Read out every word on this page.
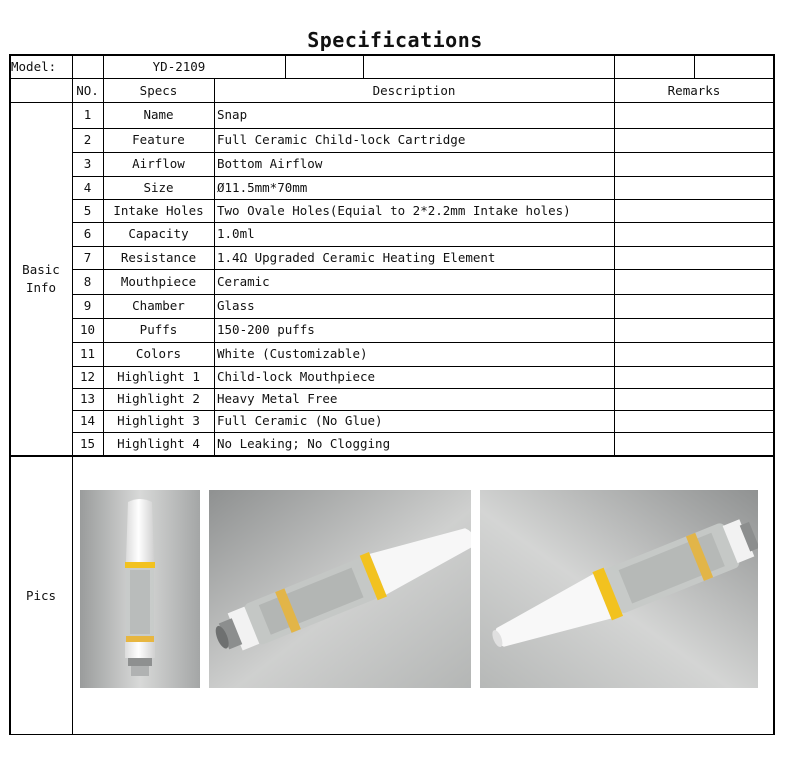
Specifications
Model:	YD-2109
NO.	Specs	Description	Remarks
Basic
Info
Pics
1	Name	Snap
2	Feature	Full Ceramic Child-lock Cartridge
3	Airflow	Bottom Airflow
4	Size	Ø11.5mm*70mm
5	Intake Holes	Two Ovale Holes(Equial to 2*2.2mm Intake holes)
6	Capacity	1.0ml
7	Resistance	1.4Ω Upgraded Ceramic Heating Element
8	Mouthpiece	Ceramic
9	Chamber	Glass
10	Puffs	150-200 puffs
11	Colors	White (Customizable)
12	Highlight 1	Child-lock Mouthpiece
13	Highlight 2	Heavy Metal Free
14	Highlight 3	Full Ceramic (No Glue)
15	Highlight 4	No Leaking; No Clogging
